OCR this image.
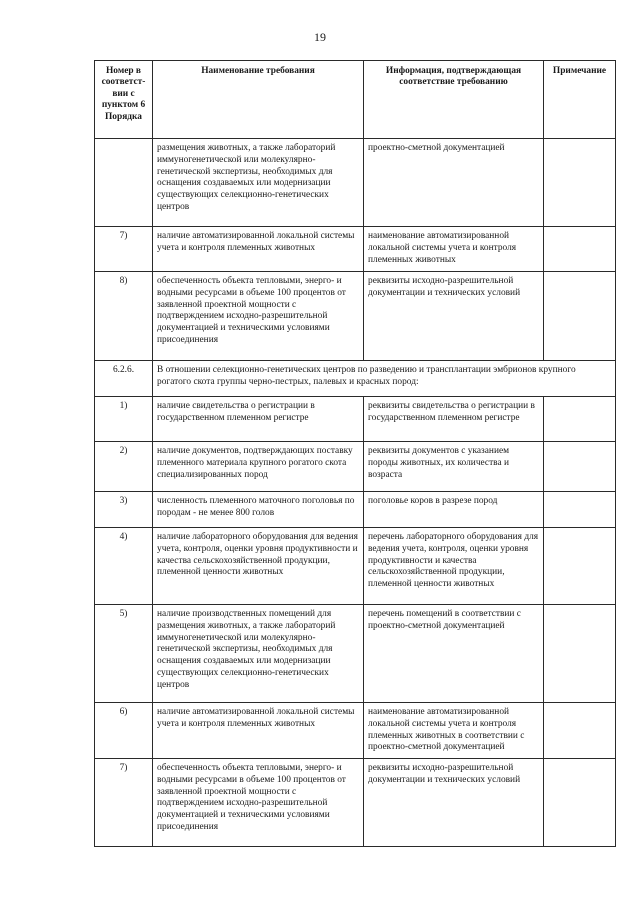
19
Номер в соответст-вии с пунктом 6 Порядка	Наименование требования	Информация, подтверждающая соответствие требованию	Примечание
	размещения животных, а также лабораторий иммуногенетической или молекулярно-генетической экспертизы, необходимых для оснащения создаваемых или модернизации существующих селекционно-генетических центров	проектно-сметной документацией	
7)	наличие автоматизированной локальной системы учета и контроля племенных животных	наименование автоматизированной локальной системы учета и контроля племенных животных	
8)	обеспеченность объекта тепловыми, энерго- и водными ресурсами в объеме 100 процентов от заявленной проектной мощности с подтверждением исходно-разрешительной документацией и техническими условиями присоединения	реквизиты исходно-разрешительной документации и технических условий	
6.2.6.	В отношении селекционно-генетических центров по разведению и трансплантации эмбрионов крупного рогатого скота группы черно-пестрых, палевых и красных пород:		
1)	наличие свидетельства о регистрации в государственном племенном регистре	реквизиты свидетельства о регистрации в государственном племенном регистре	
2)	наличие документов, подтверждающих поставку племенного материала крупного рогатого скота специализированных пород	реквизиты документов с указанием породы животных, их количества и возраста	
3)	численность племенного маточного поголовья по породам - не менее 800 голов	поголовье коров в разрезе пород	
4)	наличие лабораторного оборудования для ведения учета, контроля, оценки уровня продуктивности и качества сельскохозяйственной продукции, племенной ценности животных	перечень лабораторного оборудования для ведения учета, контроля, оценки уровня продуктивности и качества сельскохозяйственной продукции, племенной ценности животных	
5)	наличие производственных помещений для размещения животных, а также лабораторий иммуногенетической или молекулярно-генетической экспертизы, необходимых для оснащения создаваемых или модернизации существующих селекционно-генетических центров	перечень помещений в соответствии с проектно-сметной документацией	
6)	наличие автоматизированной локальной системы учета и контроля племенных животных	наименование автоматизированной локальной системы учета и контроля племенных животных в соответствии с проектно-сметной документацией	
7)	обеспеченность объекта тепловыми, энерго- и водными ресурсами в объеме 100 процентов от заявленной проектной мощности с подтверждением исходно-разрешительной документацией и техническими условиями присоединения	реквизиты исходно-разрешительной документации и технических условий	
